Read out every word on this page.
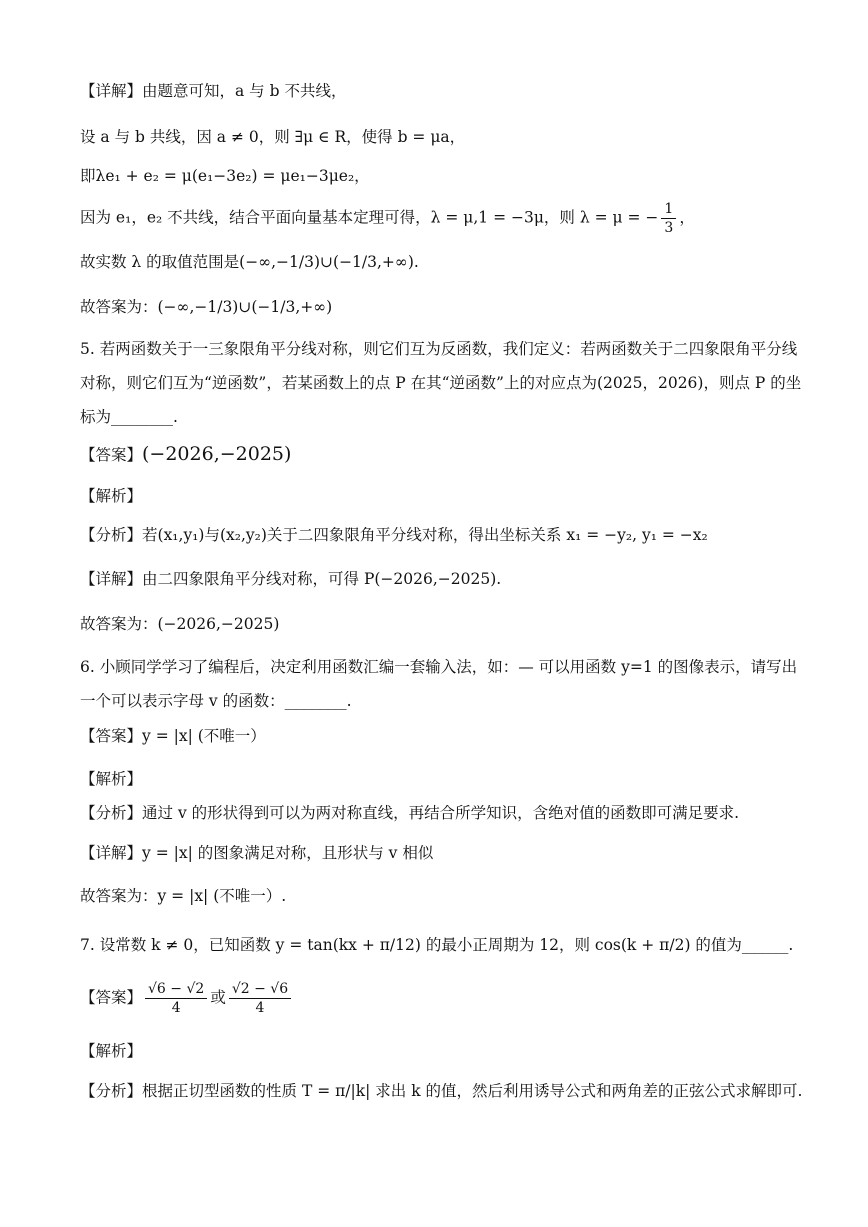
【详解】由题意可知，a 与 b 不共线，
设 a 与 b 共线，因 a ≠ 0，则 ∃μ ∈ R，使得 b = μa，
即λe₁ + e₂ = μ(e₁−3e₂) = μe₁−3μe₂，
因为 e₁，e₂ 不共线，结合平面向量基本定理可得，λ = μ,1 = −3μ，则 λ = μ = − $\frac{1}{3}$ ，
故实数 λ 的取值范围是(−∞,−1/3)∪(−1/3,+∞).
故答案为：(−∞,−1/3)∪(−1/3,+∞)
5. 若两函数关于一三象限角平分线对称，则它们互为反函数，我们定义：若两函数关于二四象限角平分线对称，则它们互为“逆函数”，若某函数上的点 P 在其“逆函数”上的对应点为(2025，2026)，则点 P 的坐标为________.
【答案】(−2026,−2025)
【解析】
【分析】若(x₁,y₁)与(x₂,y₂)关于二四象限角平分线对称，得出坐标关系 x₁ = −y₂, y₁ = −x₂
【详解】由二四象限角平分线对称，可得 P(−2026,−2025).
故答案为：(−2026,−2025)
6. 小顾同学学习了编程后，决定利用函数汇编一套输入法，如：— 可以用函数 y=1 的图像表示，请写出一个可以表示字母 v 的函数：________.
【答案】y = |x| (不唯一）
【解析】
【分析】通过 v 的形状得到可以为两对称直线，再结合所学知识，含绝对值的函数即可满足要求.
【详解】y = |x| 的图象满足对称，且形状与 v 相似
故答案为：y = |x| (不唯一）.
7. 设常数 k ≠ 0，已知函数 y = tan(kx + π/12) 的最小正周期为 12，则 cos(k + π/2) 的值为______.
【答案】 $\frac{√6 - √2}{4}$ 或 $\frac{√2 - √6}{4}$
【解析】
【分析】根据正切型函数的性质 T = π/|k| 求出 k 的值，然后利用诱导公式和两角差的正弦公式求解即可.
